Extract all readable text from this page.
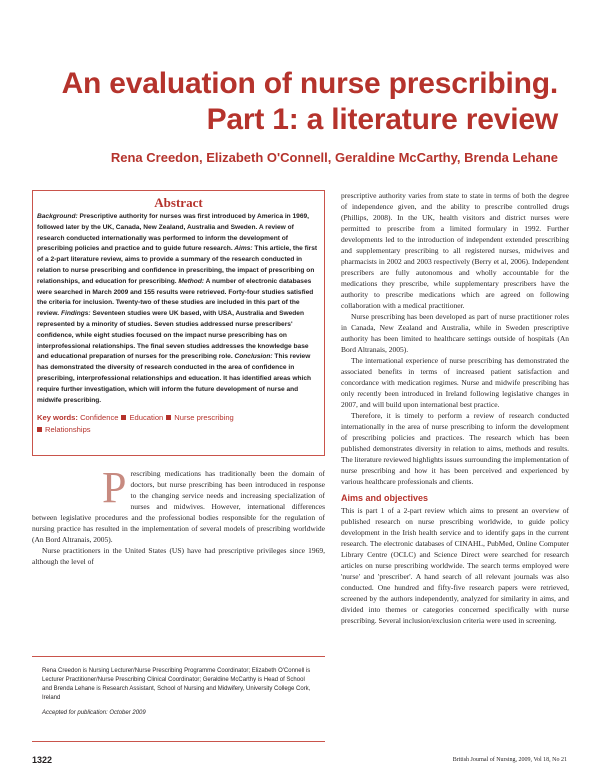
An evaluation of nurse prescribing.
Part 1: a literature review
Rena Creedon, Elizabeth O'Connell, Geraldine McCarthy, Brenda Lehane
Abstract
Background: Prescriptive authority for nurses was first introduced by America in 1969, followed later by the UK, Canada, New Zealand, Australia and Sweden. A review of research conducted internationally was performed to inform the development of prescribing policies and practice and to guide future research. Aims: This article, the first of a 2-part literature review, aims to provide a summary of the research conducted in relation to nurse prescribing and confidence in prescribing, the impact of prescribing on relationships, and education for prescribing. Method: A number of electronic databases were searched in March 2009 and 155 results were retrieved. Forty-four studies satisfied the criteria for inclusion. Twenty-two of these studies are included in this part of the review. Findings: Seventeen studies were UK based, with USA, Australia and Sweden represented by a minority of studies. Seven studies addressed nurse prescribers' confidence, while eight studies focused on the impact nurse prescribing has on interprofessional relationships. The final seven studies addresses the knowledge base and educational preparation of nurses for the prescribing role. Conclusion: This review has demonstrated the diversity of research conducted in the area of confidence in prescribing, interprofessional relationships and education. It has identified areas which require further investigation, which will inform the future development of nurse and midwife prescribing.
Key words: Confidence Education Nurse prescribing
Relationships

Prescribing medications has traditionally been the domain of doctors, but nurse prescribing has been introduced in response to the changing service needs and increasing specialization of nurses and midwives. However, international differences between legislative procedures and the professional bodies responsible for the regulation of nursing practice has resulted in the implementation of several models of prescribing worldwide (An Bord Altranais, 2005).

Nurse practitioners in the United States (US) have had prescriptive privileges since 1969, although the level of

Rena Creedon is Nursing Lecturer/Nurse Prescribing Programme Coordinator; Elizabeth O'Connell is Lecturer Practitioner/Nurse Prescribing Clinical Coordinator; Geraldine McCarthy is Head of School and Brenda Lehane is Research Assistant, School of Nursing and Midwifery, University College Cork, Ireland
Accepted for publication: October 2009

prescriptive authority varies from state to state in terms of both the degree of independence given, and the ability to prescribe controlled drugs (Phillips, 2008). In the UK, health visitors and district nurses were permitted to prescribe from a limited formulary in 1992. Further developments led to the introduction of independent extended prescribing and supplementary prescribing to all registered nurses, midwives and pharmacists in 2002 and 2003 respectively (Berry et al, 2006). Independent prescribers are fully autonomous and wholly accountable for the medications they prescribe, while supplementary prescribers have the authority to prescribe medications which are agreed on following collaboration with a medical practitioner.

Nurse prescribing has been developed as part of nurse practitioner roles in Canada, New Zealand and Australia, while in Sweden prescriptive authority has been limited to healthcare settings outside of hospitals (An Bord Altranais, 2005).

The international experience of nurse prescribing has demonstrated the associated benefits in terms of increased patient satisfaction and concordance with medication regimes. Nurse and midwife prescribing has only recently been introduced in Ireland following legislative changes in 2007, and will build upon international best practice.

Therefore, it is timely to perform a review of research conducted internationally in the area of nurse prescribing to inform the development of prescribing policies and practices. The research which has been published demonstrates diversity in relation to aims, methods and results. The literature reviewed highlights issues surrounding the implementation of nurse prescribing and how it has been perceived and experienced by various healthcare professionals and clients.

Aims and objectives

This is part 1 of a 2-part review which aims to present an overview of published research on nurse prescribing worldwide, to guide policy development in the Irish health service and to identify gaps in the current research. The electronic databases of CINAHL, PubMed, Online Computer Library Centre (OCLC) and Science Direct were searched for research articles on nurse prescribing worldwide. The search terms employed were 'nurse' and 'prescriber'. A hand search of all relevant journals was also conducted. One hundred and fifty-five research papers were retrieved, screened by the authors independently, analyzed for similarity in aims, and divided into themes or categories concerned specifically with nurse prescribing. Several inclusion/exclusion criteria were used in screening.

1322	British Journal of Nursing, 2009, Vol 18, No 21
